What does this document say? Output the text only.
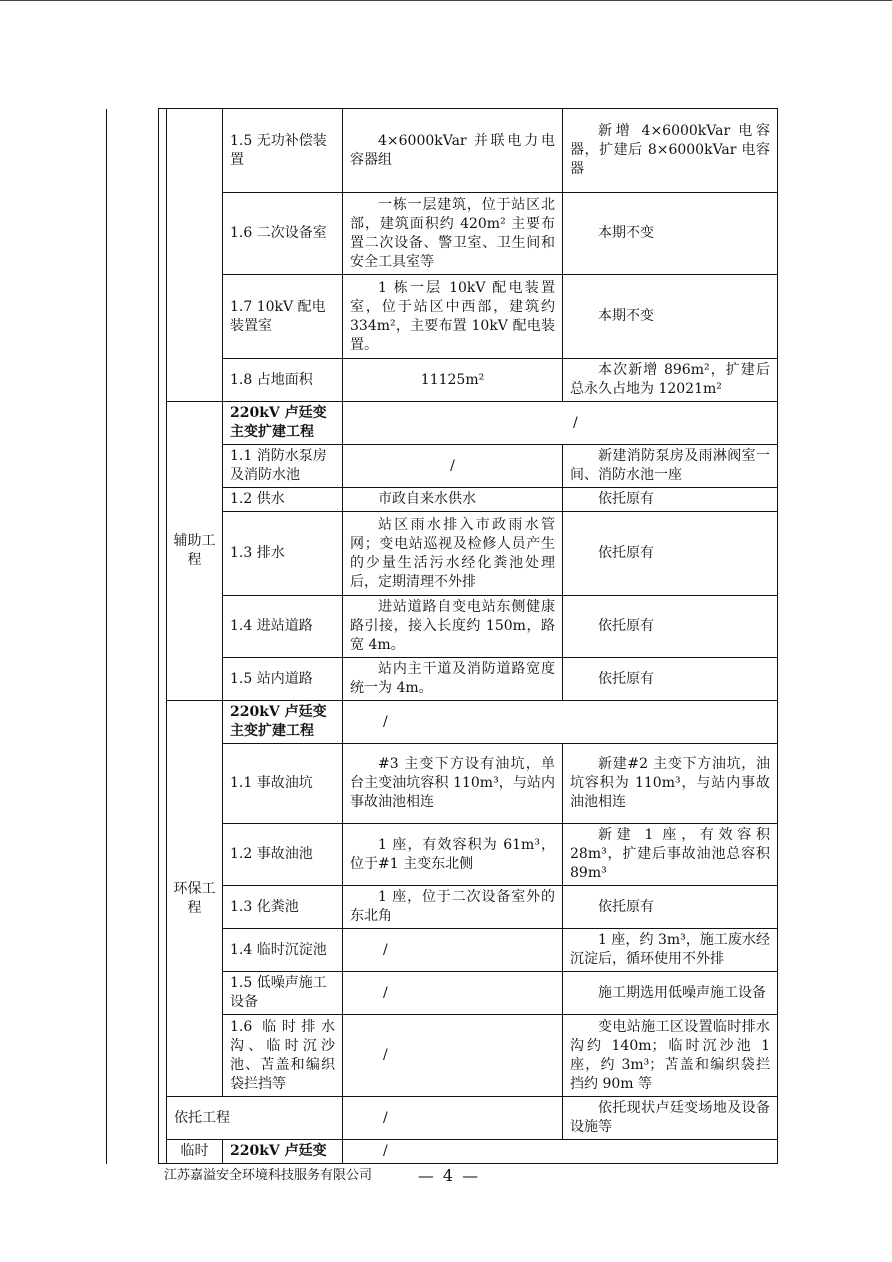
			1.5 无功补偿装置	4×6000kVar 并联电力电容器组	新增 4×6000kVar 电容器，扩建后 8×6000kVar 电容器
			1.6 二次设备室	一栋一层建筑，位于站区北部，建筑面积约 420m² 主要布置二次设备、警卫室、卫生间和安全工具室等	本期不变
			1.7 10kV 配电装置室	1 栋一层 10kV 配电装置室，位于站区中西部，建筑约 334m²，主要布置 10kV 配电装置。	本期不变
			1.8 占地面积	11125m²	本次新增 896m²，扩建后总永久占地为 12021m²
		辅助工程	220kV 卢廷变主变扩建工程	/	
			1.1 消防水泵房及消防水池	/	新建消防泵房及雨淋阀室一间、消防水池一座
			1.2 供水	市政自来水供水	依托原有
			1.3 排水	站区雨水排入市政雨水管网；变电站巡视及检修人员产生的少量生活污水经化粪池处理后，定期清理不外排	依托原有
			1.4 进站道路	进站道路自变电站东侧健康路引接，接入长度约 150m，路宽 4m。	依托原有
			1.5 站内道路	站内主干道及消防道路宽度统一为 4m。	依托原有
		环保工程	220kV 卢廷变主变扩建工程	/	
			1.1 事故油坑	#3 主变下方设有油坑，单台主变油坑容积 110m³，与站内事故油池相连	新建#2 主变下方油坑，油坑容积为 110m³，与站内事故油池相连
			1.2 事故油池	1 座，有效容积为 61m³，位于#1 主变东北侧	新建 1 座，有效容积 28m³，扩建后事故油池总容积 89m³
			1.3 化粪池	1 座，位于二次设备室外的东北角	依托原有
			1.4 临时沉淀池	/	1 座，约 3m³，施工废水经沉淀后，循环使用不外排
			1.5 低噪声施工设备	/	施工期选用低噪声施工设备
			1.6 临时排水沟、临时沉沙池、苫盖和编织袋拦挡等	/	变电站施工区设置临时排水沟约 140m；临时沉沙池 1 座，约 3m³；苫盖和编织袋拦挡约 90m 等
		依托工程		/	依托现状卢廷变场地及设备设施等
		临时	220kV 卢廷变	/	
江苏嘉溢安全环境科技服务有限公司	— 4 —
